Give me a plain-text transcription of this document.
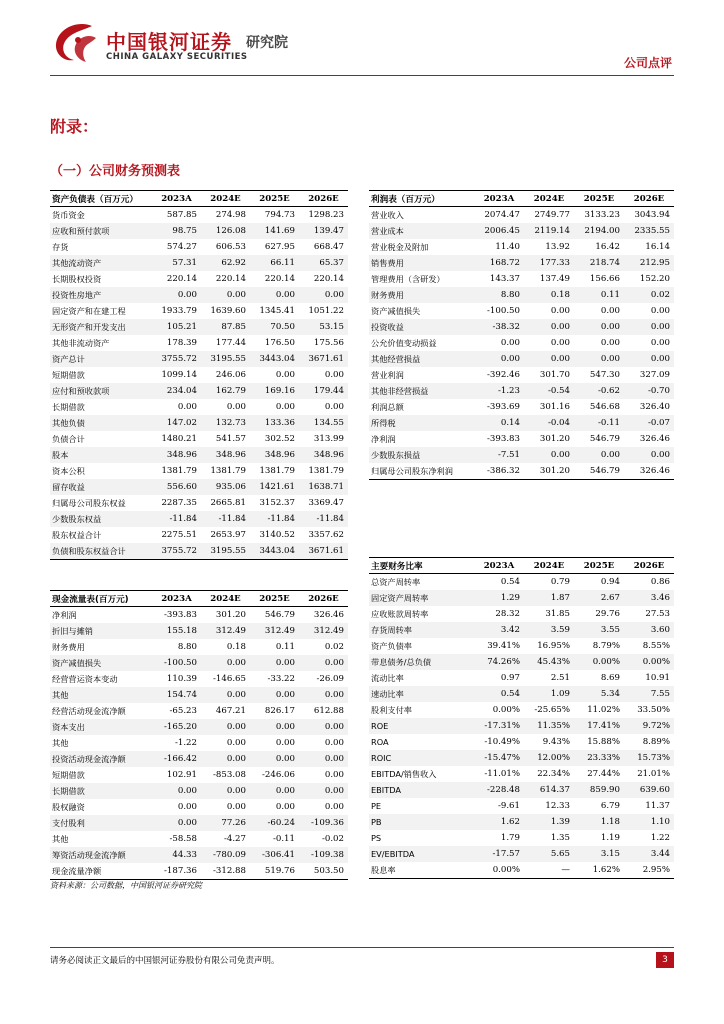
中国银河证券
CHINA GALAXY SECURITIES
研究院
公司点评
附录：
（一）公司财务预测表
资产负债表（百万元）	2023A	2024E	2025E	2026E
货币资金	587.85	274.98	794.73	1298.23
应收和预付款项	98.75	126.08	141.69	139.47
存货	574.27	606.53	627.95	668.47
其他流动资产	57.31	62.92	66.11	65.37
长期股权投资	220.14	220.14	220.14	220.14
投资性房地产	0.00	0.00	0.00	0.00
固定资产和在建工程	1933.79	1639.60	1345.41	1051.22
无形资产和开发支出	105.21	87.85	70.50	53.15
其他非流动资产	178.39	177.44	176.50	175.56
资产总计	3755.72	3195.55	3443.04	3671.61
短期借款	1099.14	246.06	0.00	0.00
应付和预收款项	234.04	162.79	169.16	179.44
长期借款	0.00	0.00	0.00	0.00
其他负债	147.02	132.73	133.36	134.55
负债合计	1480.21	541.57	302.52	313.99
股本	348.96	348.96	348.96	348.96
资本公积	1381.79	1381.79	1381.79	1381.79
留存收益	556.60	935.06	1421.61	1638.71
归属母公司股东权益	2287.35	2665.81	3152.37	3369.47
少数股东权益	-11.84	-11.84	-11.84	-11.84
股东权益合计	2275.51	2653.97	3140.52	3357.62
负债和股东权益合计	3755.72	3195.55	3443.04	3671.61
利润表（百万元）	2023A	2024E	2025E	2026E
营业收入	2074.47	2749.77	3133.23	3043.94
营业成本	2006.45	2119.14	2194.00	2335.55
营业税金及附加	11.40	13.92	16.42	16.14
销售费用	168.72	177.33	218.74	212.95
管理费用（含研发）	143.37	137.49	156.66	152.20
财务费用	8.80	0.18	0.11	0.02
资产减值损失	-100.50	0.00	0.00	0.00
投资收益	-38.32	0.00	0.00	0.00
公允价值变动损益	0.00	0.00	0.00	0.00
其他经营损益	0.00	0.00	0.00	0.00
营业利润	-392.46	301.70	547.30	327.09
其他非经营损益	-1.23	-0.54	-0.62	-0.70
利润总额	-393.69	301.16	546.68	326.40
所得税	0.14	-0.04	-0.11	-0.07
净利润	-393.83	301.20	546.79	326.46
少数股东损益	-7.51	0.00	0.00	0.00
归属母公司股东净利润	-386.32	301.20	546.79	326.46
现金流量表(百万元)	2023A	2024E	2025E	2026E
净利润	-393.83	301.20	546.79	326.46
折旧与摊销	155.18	312.49	312.49	312.49
财务费用	8.80	0.18	0.11	0.02
资产减值损失	-100.50	0.00	0.00	0.00
经营营运资本变动	110.39	-146.65	-33.22	-26.09
其他	154.74	0.00	0.00	0.00
经营活动现金流净额	-65.23	467.21	826.17	612.88
资本支出	-165.20	0.00	0.00	0.00
其他	-1.22	0.00	0.00	0.00
投资活动现金流净额	-166.42	0.00	0.00	0.00
短期借款	102.91	-853.08	-246.06	0.00
长期借款	0.00	0.00	0.00	0.00
股权融资	0.00	0.00	0.00	0.00
支付股利	0.00	77.26	-60.24	-109.36
其他	-58.58	-4.27	-0.11	-0.02
筹资活动现金流净额	44.33	-780.09	-306.41	-109.38
现金流量净额	-187.36	-312.88	519.76	503.50
主要财务比率	2023A	2024E	2025E	2026E
总资产周转率	0.54	0.79	0.94	0.86
固定资产周转率	1.29	1.87	2.67	3.46
应收账款周转率	28.32	31.85	29.76	27.53
存货周转率	3.42	3.59	3.55	3.60
资产负债率	39.41%	16.95%	8.79%	8.55%
带息债务/总负债	74.26%	45.43%	0.00%	0.00%
流动比率	0.97	2.51	8.69	10.91
速动比率	0.54	1.09	5.34	7.55
股利支付率	0.00%	-25.65%	11.02%	33.50%
ROE	-17.31%	11.35%	17.41%	9.72%
ROA	-10.49%	9.43%	15.88%	8.89%
ROIC	-15.47%	12.00%	23.33%	15.73%
EBITDA/销售收入	-11.01%	22.34%	27.44%	21.01%
EBITDA	-228.48	614.37	859.90	639.60
PE	-9.61	12.33	6.79	11.37
PB	1.62	1.39	1.18	1.10
PS	1.79	1.35	1.19	1.22
EV/EBITDA	-17.57	5.65	3.15	3.44
股息率	0.00%	—	1.62%	2.95%
资料来源：公司数据，中国银河证券研究院
请务必阅读正文最后的中国银河证券股份有限公司免责声明。	3
